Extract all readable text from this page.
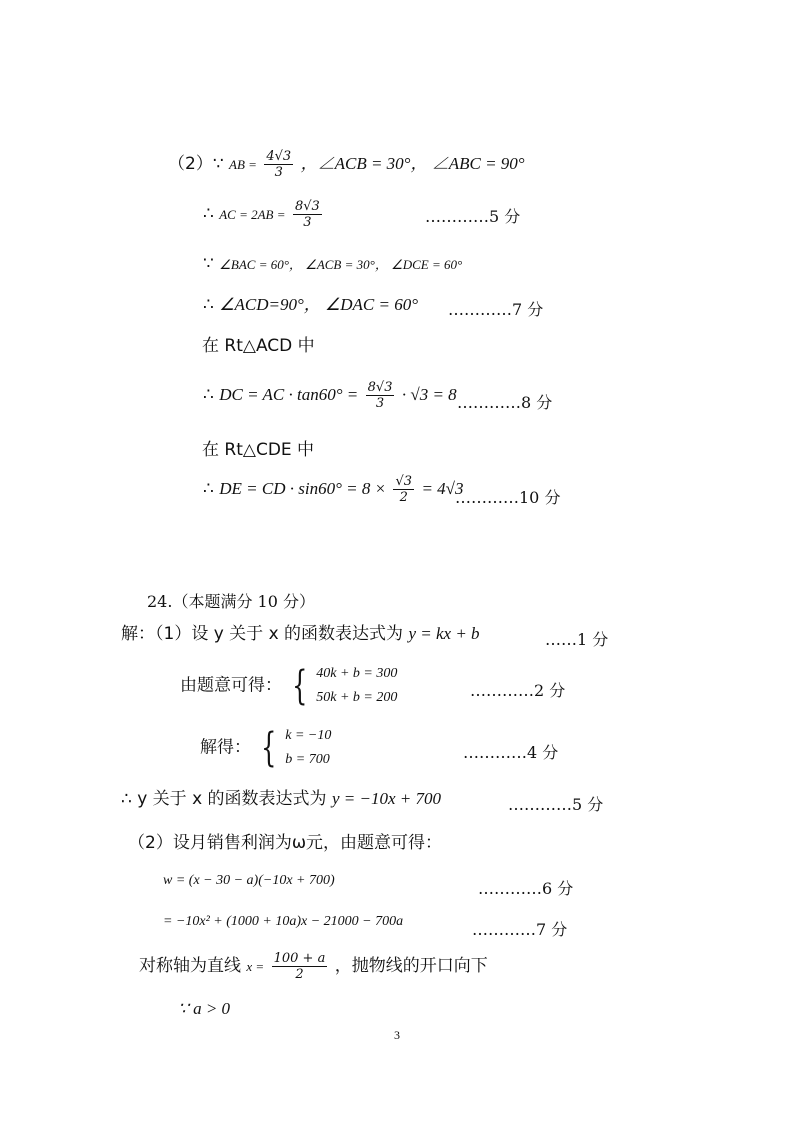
（2）∵ AB = $\frac{4√3}{3}$ ，∠ACB = 30°， ∠ABC = 90°
∴ AC = $2AB = \frac{8√3}{3}$	…………5 分
∵ ∠BAC = 60°， ∠ACB = 30°， ∠DCE = 60°
∴ ∠ACD=90°， ∠DAC = 60° …………7 分
在 Rt△ACD 中
∴ DC = AC · $\tan 60^\circ = \frac{8√3}{3} \cdot √3 = 8$ …………8 分
在 Rt△CDE 中
∴ DE = CD · $\sin 60^\circ = 8 \times \frac{√3}{2} = 4√3$
…………10 分
24.（本题满分 10 分）
解：（1）设 y 关于 x 的函数表达式为 y = kx + b	……1 分
由题意可得： { 40k + b = 300
50k + b = 200	…………2 分
解得： { k = −10
b = 700	…………4 分
∴ y 关于 x 的函数表达式为 y = −10x + 700	…………5 分
（2）设月销售利润为ω元，由题意可得：
w = (x − 30 − a)(−10x + 700)	…………6 分
= −10x² + (1000 + 10a)x − 21000 − 700a	…………7 分
对称轴为直线 $x = \frac{100 + a}{2}$ ，抛物线的开口向下
∵ a > 0
3
